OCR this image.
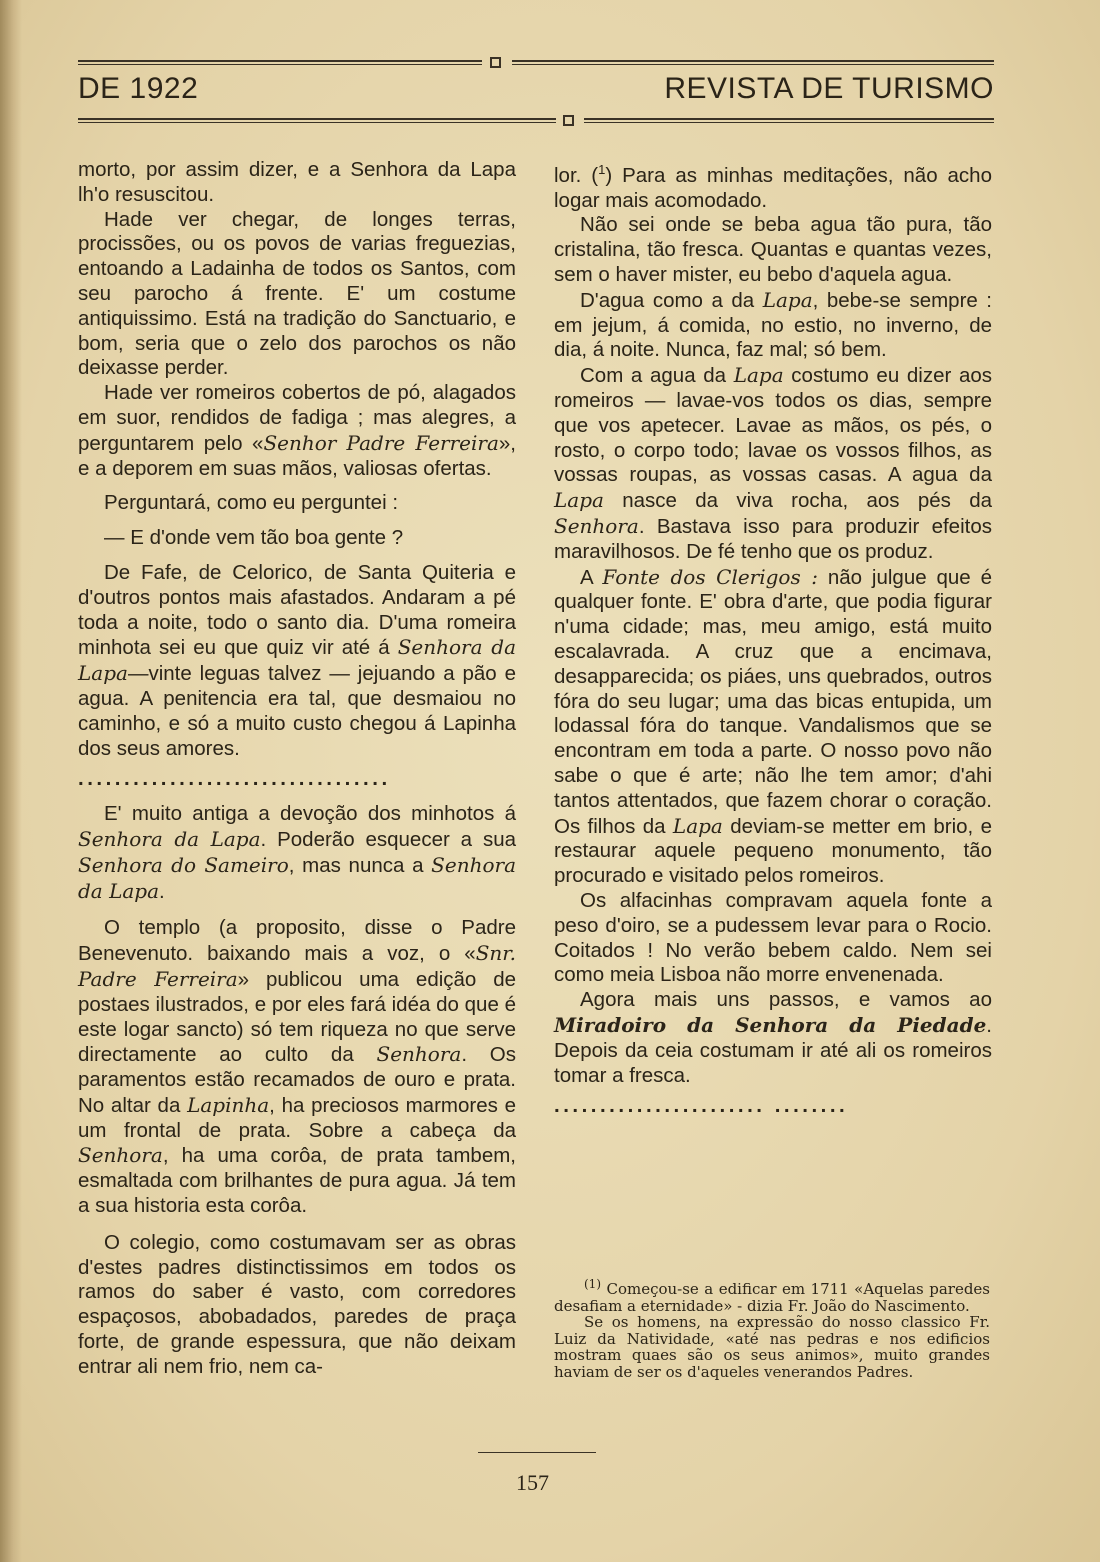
DE 1922	REVISTA DE TURISMO

morto, por assim dizer, e a Senhora da Lapa lh'o resuscitou.

Hade ver chegar, de longes terras, procissões, ou os povos de varias freguezias, entoando a Ladainha de todos os Santos, com seu parocho á frente. E' um costume antiquissimo. Está na tradição do Sanctuario, e bom, seria que o zelo dos parochos os não deixasse perder.

Hade ver romeiros cobertos de pó, alagados em suor, rendidos de fadiga ; mas alegres, a perguntarem pelo «Senhor Padre Ferreira», e a deporem em suas mãos, valiosas ofertas.

Perguntará, como eu perguntei :

— E d'onde vem tão boa gente ?

De Fafe, de Celorico, de Santa Quiteria e d'outros pontos mais afastados. Andaram a pé toda a noite, todo o santo dia. D'uma romeira minhota sei eu que quiz vir até á Senhora da Lapa—vinte leguas talvez — jejuando a pão e agua. A penitencia era tal, que desmaiou no caminho, e só a muito custo chegou á Lapinha dos seus amores.

..................................

E' muito antiga a devoção dos minhotos á Senhora da Lapa. Poderão esquecer a sua Senhora do Sameiro, mas nunca a Senhora da Lapa.

O templo (a proposito, disse o Padre Benevenuto. baixando mais a voz, o «Snr. Padre Ferreira» publicou uma edição de postaes ilustrados, e por eles fará idéa do que é este logar sancto) só tem riqueza no que serve directamente ao culto da Senhora. Os paramentos estão recamados de ouro e prata. No altar da Lapinha, ha preciosos marmores e um frontal de prata. Sobre a cabeça da Senhora, ha uma corôa, de prata tambem, esmaltada com brilhantes de pura agua. Já tem a sua historia esta corôa.

O colegio, como costumavam ser as obras d'estes padres distinctissimos em todos os ramos do saber é vasto, com corredores espaçosos, abobadados, paredes de praça forte, de grande espessura, que não deixam entrar ali nem frio, nem ca-

lor. ($^1$) Para as minhas meditações, não acho logar mais acomodado.

Não sei onde se beba agua tão pura, tão cristalina, tão fresca. Quantas e quantas vezes, sem o haver mister, eu bebo d'aquela agua.

D'agua como a da Lapa, bebe-se sempre : em jejum, á comida, no estio, no inverno, de dia, á noite. Nunca, faz mal; só bem.

Com a agua da Lapa costumo eu dizer aos romeiros — lavae-vos todos os dias, sempre que vos apetecer. Lavae as mãos, os pés, o rosto, o corpo todo; lavae os vossos filhos, as vossas roupas, as vossas casas. A agua da Lapa nasce da viva rocha, aos pés da Senhora. Bastava isso para produzir efeitos maravilhosos. De fé tenho que os produz.

A Fonte dos Clerigos : não julgue que é qualquer fonte. E' obra d'arte, que podia figurar n'uma cidade; mas, meu amigo, está muito escalavrada. A cruz que a encimava, desapparecida; os piáes, uns quebrados, outros fóra do seu lugar; uma das bicas entupida, um lodassal fóra do tanque. Vandalismos que se encontram em toda a parte. O nosso povo não sabe o que é arte; não lhe tem amor; d'ahi tantos attentados, que fazem chorar o coração. Os filhos da Lapa deviam-se metter em brio, e restaurar aquele pequeno monumento, tão procurado e visitado pelos romeiros.

Os alfacinhas compravam aquela fonte a peso d'oiro, se a pudessem levar para o Rocio. Coitados ! No verão bebem caldo. Nem sei como meia Lisboa não morre envenenada.

Agora mais uns passos, e vamos ao Miradoiro da Senhora da Piedade. Depois da ceia costumam ir até ali os romeiros tomar a fresca.

....................... ........

$^{(1)}$ Começou-se a edificar em 1711 «Aquelas paredes desafiam a eternidade» - dizia Fr. João do Nascimento.

Se os homens, na expressão do nosso classico Fr. Luiz da Natividade, «até nas pedras e nos edificios mostram quaes são os seus animos», muito grandes haviam de ser os d'aqueles venerandos Padres.

157
